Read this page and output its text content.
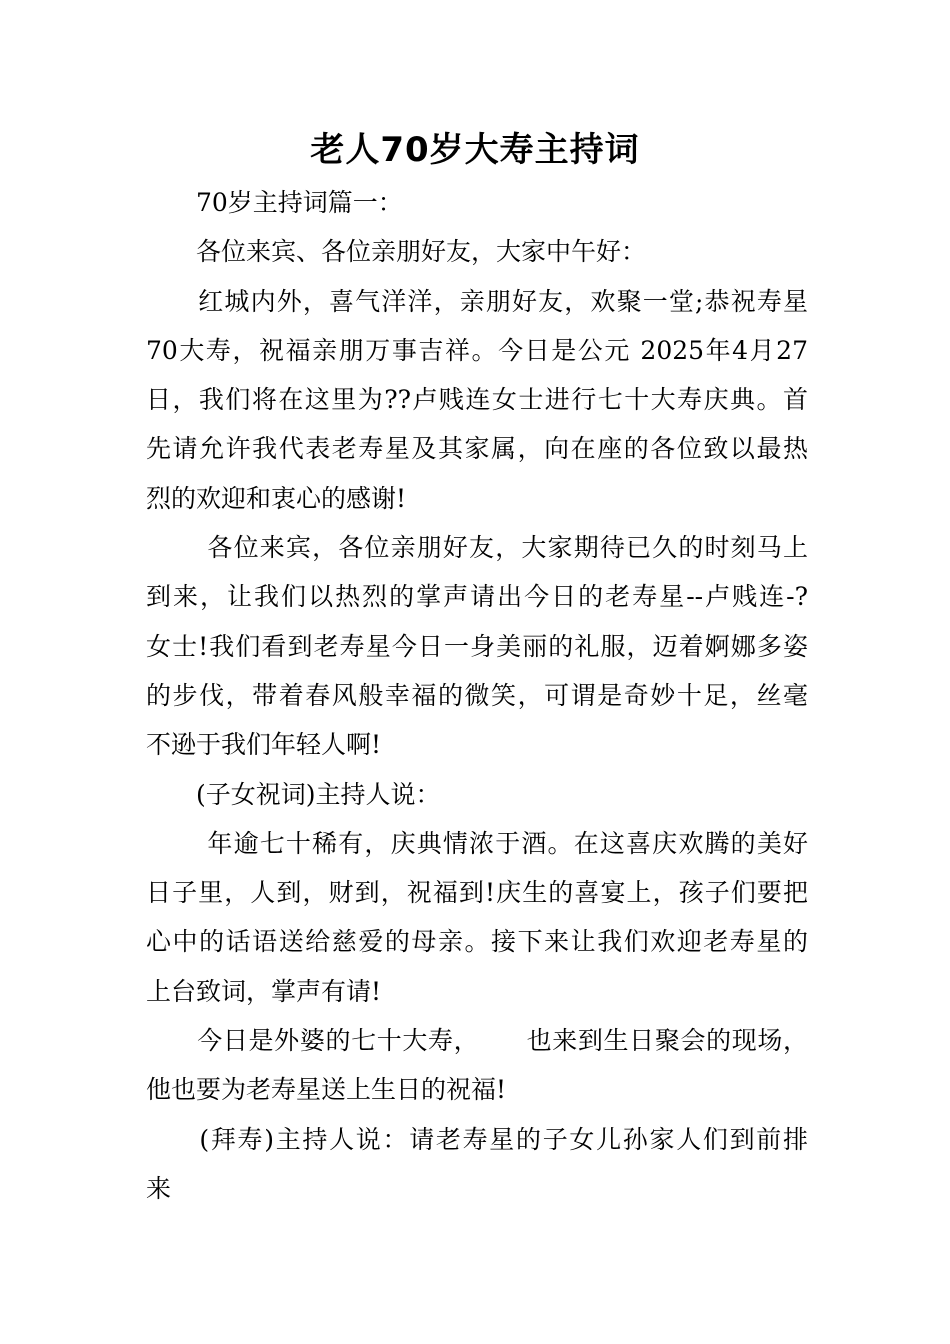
老人70岁大寿主持词
　　70岁主持词篇一：
　　各位来宾、各位亲朋好友，大家中午好：
　　红城内外，喜气洋洋，亲朋好友，欢聚一堂;恭祝寿星
70大寿，祝福亲朋万事吉祥。今日是公元 2025年4月27
日，我们将在这里为??卢贱连女士进行七十大寿庆典。首
先请允许我代表老寿星及其家属，向在座的各位致以最热
烈的欢迎和衷心的感谢!
　　 各位来宾，各位亲朋好友，大家期待已久的时刻马上
到来，让我们以热烈的掌声请出今日的老寿星--卢贱连-?
女士!我们看到老寿星今日一身美丽的礼服，迈着婀娜多姿
的步伐，带着春风般幸福的微笑，可谓是奇妙十足，丝毫
不逊于我们年轻人啊!
　　(子女祝词)主持人说：
　　 年逾七十稀有，庆典情浓于酒。在这喜庆欢腾的美好
日子里，人到，财到，祝福到!庆生的喜宴上，孩子们要把
心中的话语送给慈爱的母亲。接下来让我们欢迎老寿星的
上台致词，掌声有请!
　　今日是外婆的七十大寿，　　 也来到生日聚会的现场，
他也要为老寿星送上生日的祝福!
　　(拜寿)主持人说：请老寿星的子女儿孙家人们到前排
来
